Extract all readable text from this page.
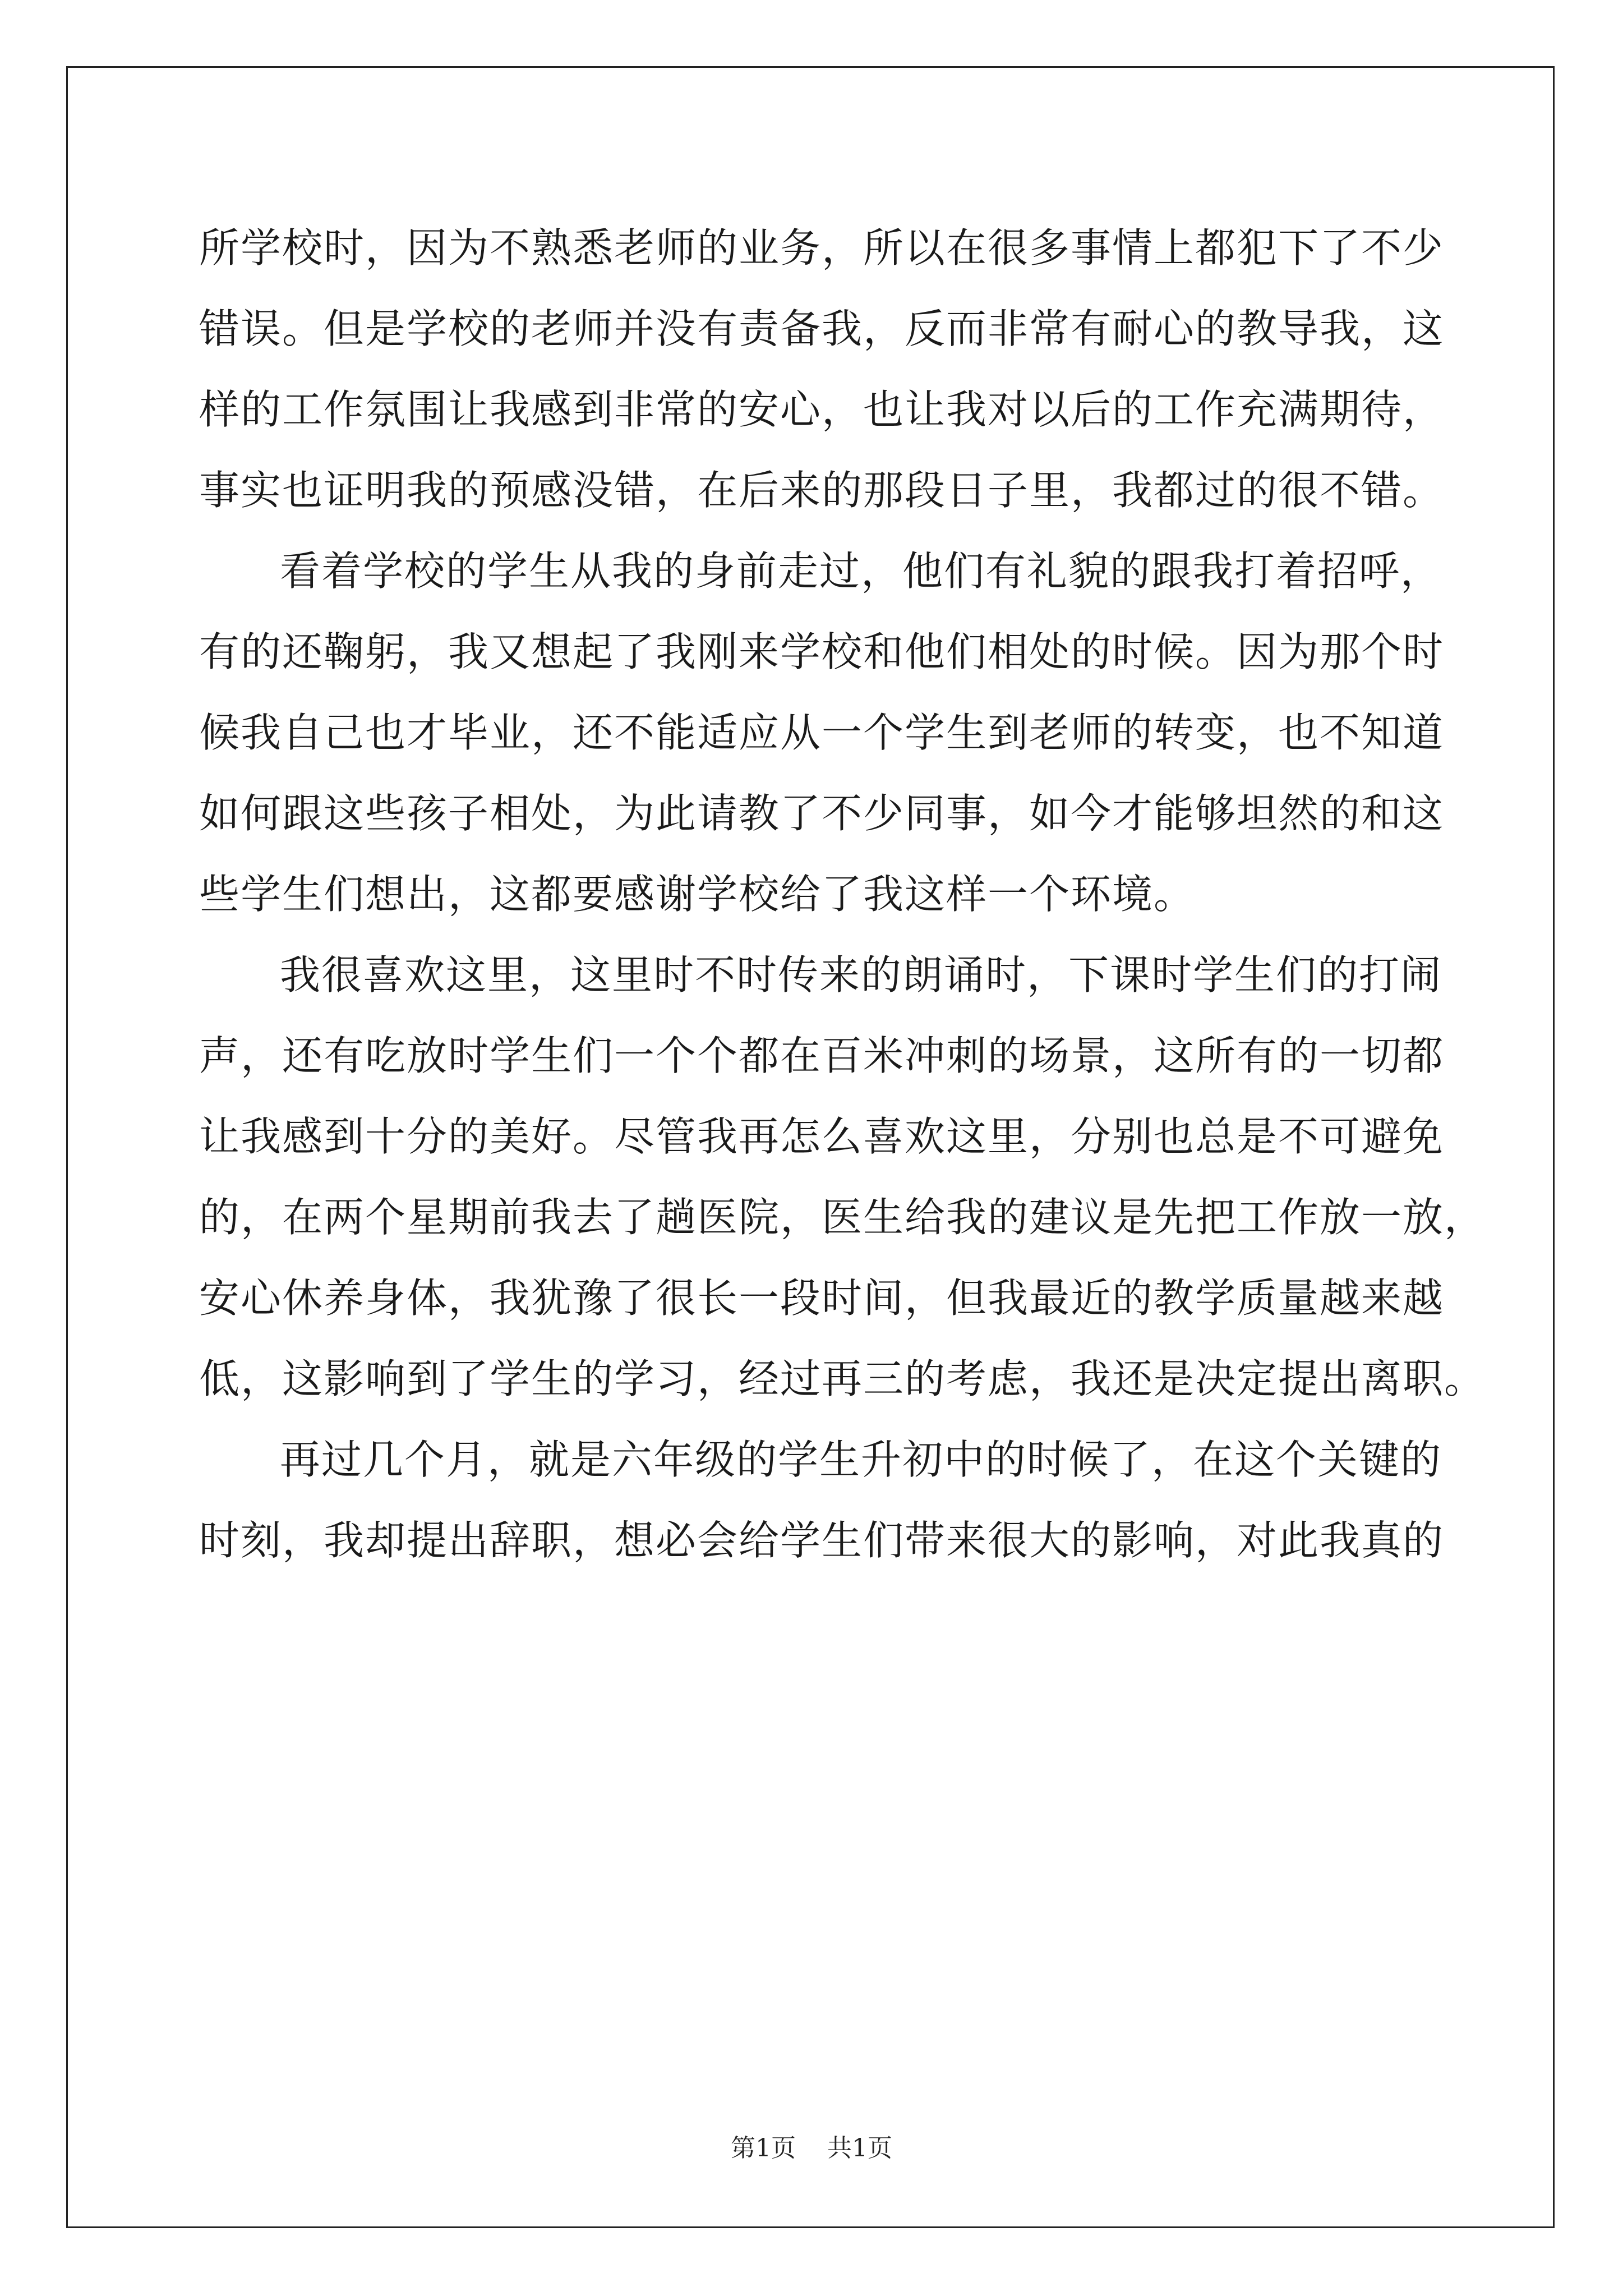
所学校时，因为不熟悉老师的业务，所以在很多事情上都犯下了不少
错误。但是学校的老师并没有责备我，反而非常有耐心的教导我，这
样的工作氛围让我感到非常的安心，也让我对以后的工作充满期待，
事实也证明我的预感没错，在后来的那段日子里，我都过的很不错。

看着学校的学生从我的身前走过，他们有礼貌的跟我打着招呼，
有的还鞠躬，我又想起了我刚来学校和他们相处的时候。因为那个时
候我自己也才毕业，还不能适应从一个学生到老师的转变，也不知道
如何跟这些孩子相处，为此请教了不少同事，如今才能够坦然的和这
些学生们想出，这都要感谢学校给了我这样一个环境。

我很喜欢这里，这里时不时传来的朗诵时，下课时学生们的打闹
声，还有吃放时学生们一个个都在百米冲刺的场景，这所有的一切都
让我感到十分的美好。尽管我再怎么喜欢这里，分别也总是不可避免
的，在两个星期前我去了趟医院，医生给我的建议是先把工作放一放，
安心休养身体，我犹豫了很长一段时间，但我最近的教学质量越来越
低，这影响到了学生的学习，经过再三的考虑，我还是决定提出离职。

再过几个月，就是六年级的学生升初中的时候了，在这个关键的
时刻，我却提出辞职，想必会给学生们带来很大的影响，对此我真的

第1页 共1页
